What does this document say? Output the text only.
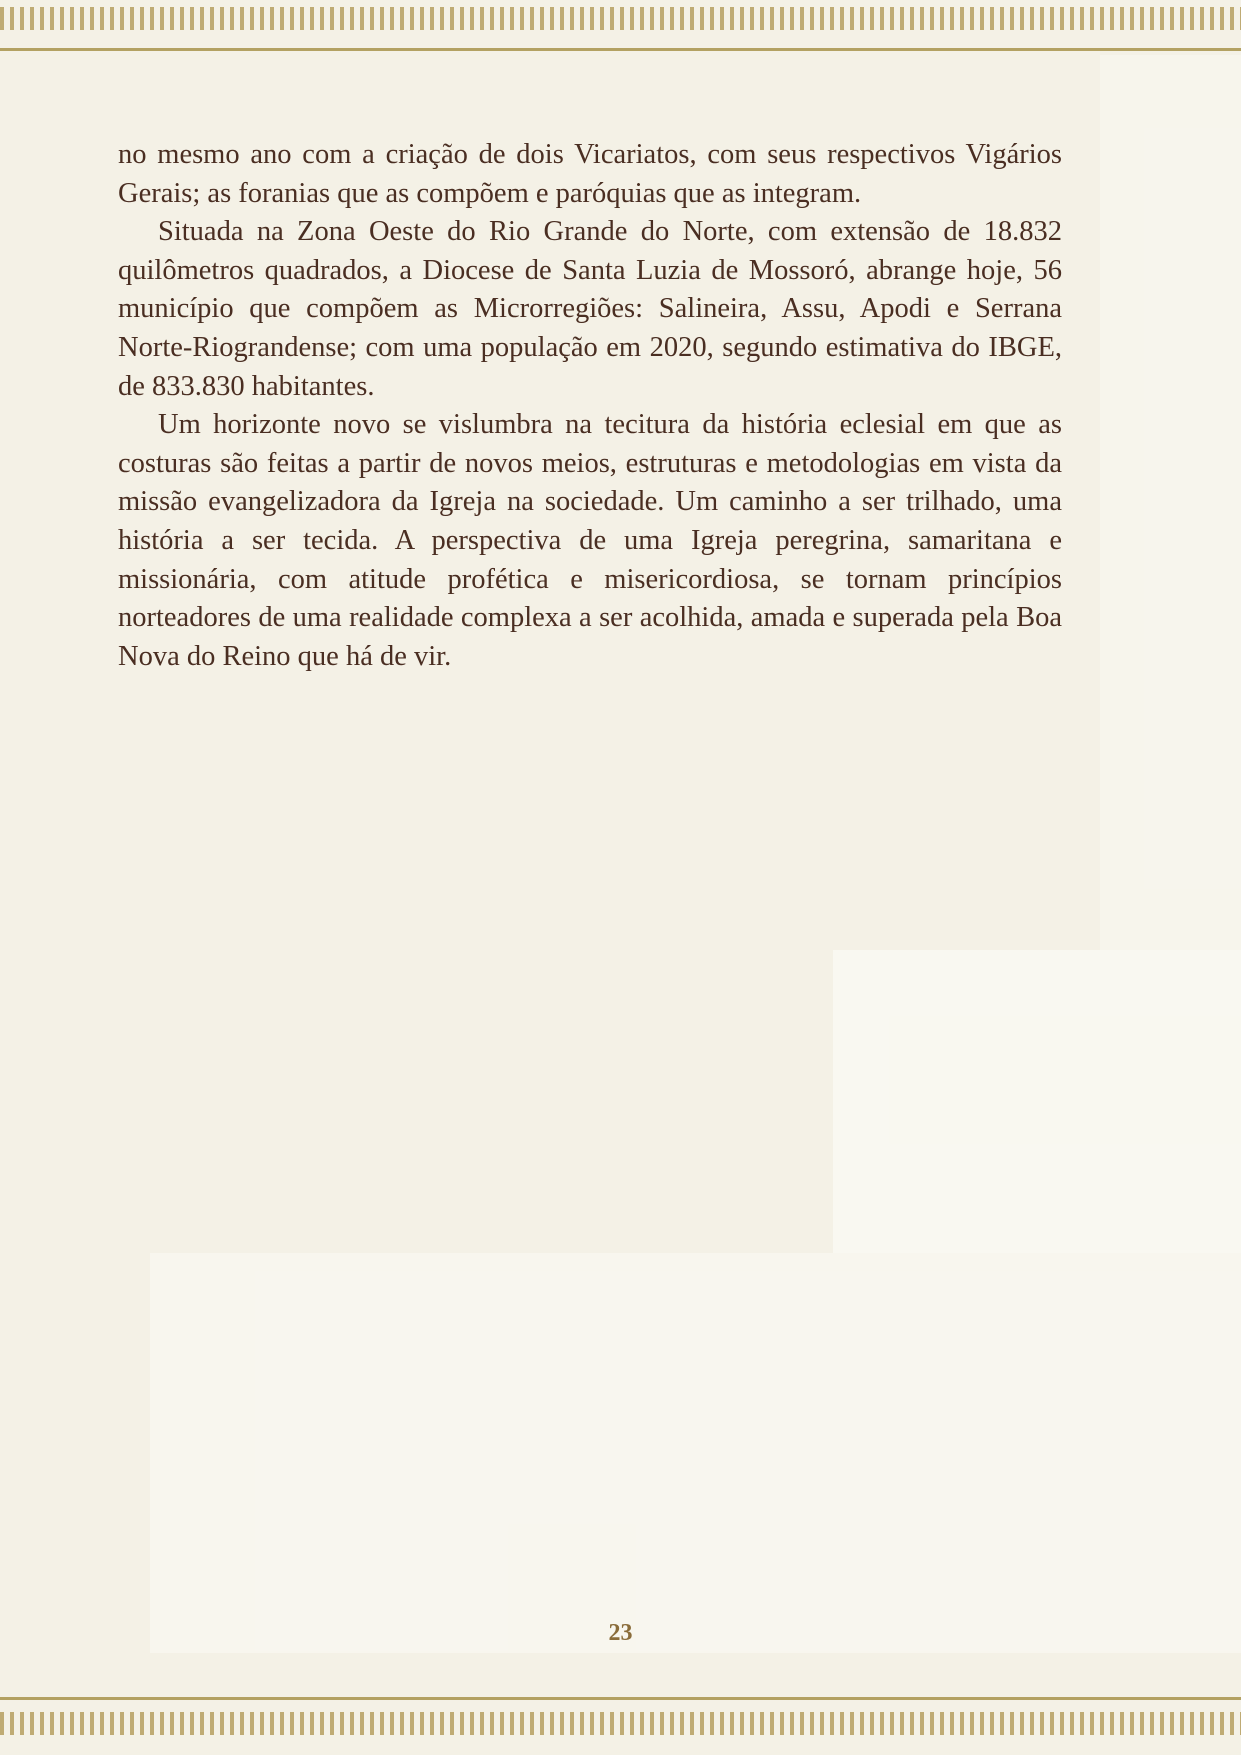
no mesmo ano com a criação de dois Vicariatos, com seus respectivos Vigários Gerais; as foranias que as compõem e paróquias que as integram.

Situada na Zona Oeste do Rio Grande do Norte, com extensão de 18.832 quilômetros quadrados, a Diocese de Santa Luzia de Mossoró, abrange hoje, 56 município que compõem as Microrregiões: Salineira, Assu, Apodi e Serrana Norte-Riograndense; com uma população em 2020, segundo estimativa do IBGE, de 833.830 habitantes.

Um horizonte novo se vislumbra na tecitura da história eclesial em que as costuras são feitas a partir de novos meios, estruturas e metodologias em vista da missão evangelizadora da Igreja na sociedade. Um caminho a ser trilhado, uma história a ser tecida. A perspectiva de uma Igreja peregrina, samaritana e missionária, com atitude profética e misericordiosa, se tornam princípios norteadores de uma realidade complexa a ser acolhida, amada e superada pela Boa Nova do Reino que há de vir.

23
